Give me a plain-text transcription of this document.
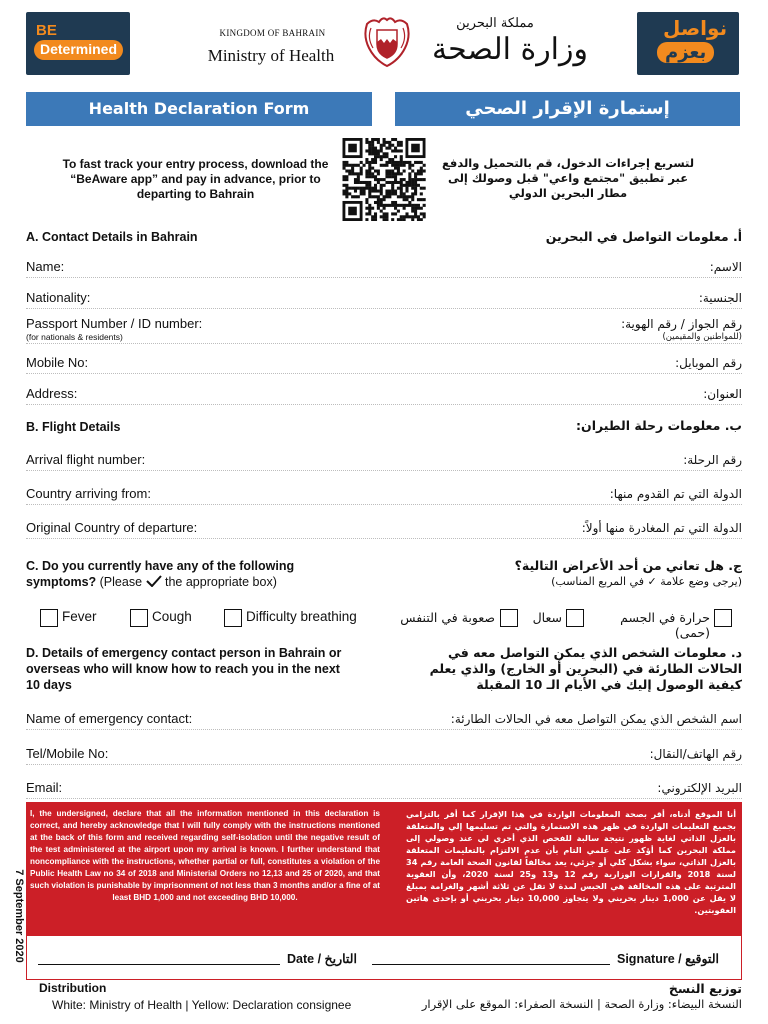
BE
Determined
KINGDOM OF BAHRAIN
Ministry of Health
مملكة البحرين
وزارة الصحة
نواصل
بعزم
Health Declaration Form	إستمارة الإقرار الصحي
To fast track your entry process, download the “BeAware app” and pay in advance, prior to departing to Bahrain
لتسريع إجراءات الدخول، قم بالتحميل والدفع عبر تطبيق "مجتمع واعي" قبل وصولك إلى مطار البحرين الدولي
A. Contact Details in Bahrain	أ. معلومات التواصل في البحرين
Name:	الاسم:
Nationality:	الجنسية:
Passport Number / ID number:
(for nationals & residents)
رقم الجواز / رقم الهوية:
(للمواطنين والمقيمين)
Mobile No:	رقم الموبايل:
Address:	العنوان:
B. Flight Details	ب. معلومات رحلة الطيران:
Arrival flight number:	رقم الرحلة:
Country arriving from:	الدولة التي تم القدوم منها:
Original Country of departure:	الدولة التي تم المغادرة منها أولاً:
C. Do you currently have any of the following symptoms? (Please the appropriate box)
ج. هل تعاني من أحد الأعراض التالية؟
(يرجى وضع علامة ✓ في المربع المناسب)
Fever	Cough	Difficulty breathing	صعوبة في التنفس	سعال	حرارة في الجسم (حمى)
D. Details of emergency contact person in Bahrain or overseas who will know how to reach you in the next 10 days
د. معلومات الشخص الذي يمكن التواصل معه في الحالات الطارئة في (البحرين أو الخارج) والذي يعلم كيفية الوصول إليك في الأيام الـ 10 المقبلة
Name of emergency contact:	اسم الشخص الذي يمكن التواصل معه في الحالات الطارئة:
Tel/Mobile No:	رقم الهاتف/النقال:
Email:	البريد الإلكتروني:
I, the undersigned, declare that all the information mentioned in this declaration is correct, and hereby acknowledge that I will fully comply with the instructions mentioned at the back of this form and received regarding self-isolation until the negative result of the test administered at the airport upon my arrival is known. I further understand that noncompliance with the instructions, whether partial or full, constitutes a violation of the Public Health Law no 34 of 2018 and Ministerial Orders no 12,13 and 25 of 2020, and that such violation is punishable by imprisonment of not less than 3 months and/or a fine of at least BHD 1,000 and not exceeding BHD 10,000.
أنا الموقع أدناه، أقر بصحة المعلومات الواردة في هذا الإقرار كما أقر بالتزامي بجميع التعليمات الواردة في ظهر هذه الاستمارة والتي تم تسليمها إلي والمتعلقة بالعزل الذاتي لغاية ظهور نتيجة سالبة للفحص الذي أجري لي عند وصولي إلى مملكة البحرين كما أؤكد على علمي التام بأن عدم الالتزام بالتعليمات المتعلقة بالعزل الذاتي، سواء بشكل كلي أو جزئي، يعد مخالفاً لقانون الصحة العامة رقم 34 لسنة 2018 والقرارات الوزارية رقم 12 و13 و25 لسنة 2020، وأن العقوبة المترتبة على هذه المخالفة هي الحبس لمدة لا تقل عن ثلاثة أشهر والغرامة بمبلغ لا يقل عن 1,000 دينار بحريني ولا يتجاوز 10,000 دينار بحريني أو بإحدى هاتين العقوبتين.
Date / التاريخ	Signature / التوقيع
7 September 2020
Distribution
White: Ministry of Health | Yellow: Declaration consignee
توزيع النسخ
النسخة البيضاء: وزارة الصحة | النسخة الصفراء: الموقع على الإقرار
